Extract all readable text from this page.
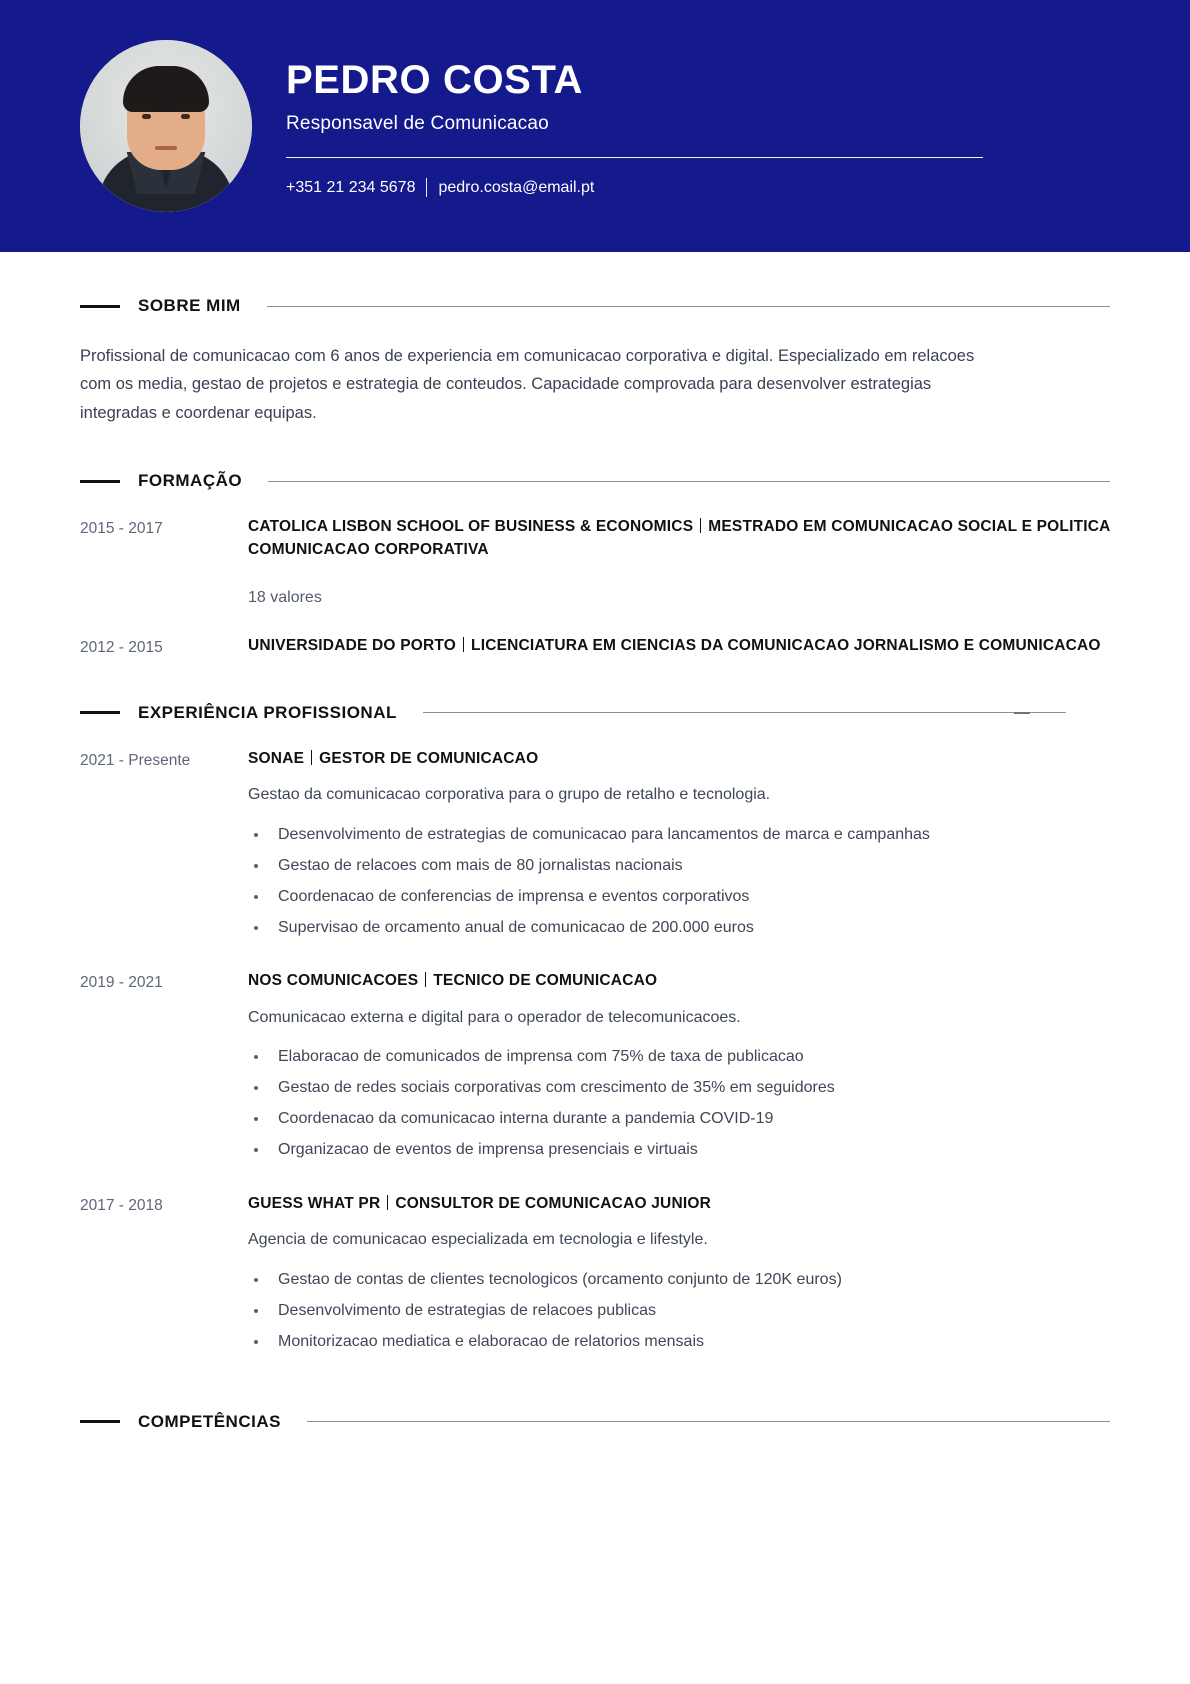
PEDRO COSTA
Responsavel de Comunicacao
+351 21 234 5678 pedro.costa@email.pt
SOBRE MIM

Profissional de comunicacao com 6 anos de experiencia em comunicacao corporativa e digital. Especializado em relacoes com os media, gestao de projetos e estrategia de conteudos. Capacidade comprovada para desenvolver estrategias integradas e coordenar equipas.

FORMAÇÃO
2015 - 2017	CATOLICA LISBON SCHOOL OF BUSINESS & ECONOMICS MESTRADO EM COMUNICACAO SOCIAL E POLITICA COMUNICACAO CORPORATIVA
18 valores
2012 - 2015	UNIVERSIDADE DO PORTO LICENCIATURA EM CIENCIAS DA COMUNICACAO JORNALISMO E COMUNICACAO
EXPERIÊNCIA PROFISSIONAL
2021 - Presente	SONAE GESTOR DE COMUNICACAO
Gestao da comunicacao corporativa para o grupo de retalho e tecnologia.
Desenvolvimento de estrategias de comunicacao para lancamentos de marca e campanhas
Gestao de relacoes com mais de 80 jornalistas nacionais
Coordenacao de conferencias de imprensa e eventos corporativos
Supervisao de orcamento anual de comunicacao de 200.000 euros
2019 - 2021	NOS COMUNICACOES TECNICO DE COMUNICACAO
Comunicacao externa e digital para o operador de telecomunicacoes.
Elaboracao de comunicados de imprensa com 75% de taxa de publicacao
Gestao de redes sociais corporativas com crescimento de 35% em seguidores
Coordenacao da comunicacao interna durante a pandemia COVID-19
Organizacao de eventos de imprensa presenciais e virtuais
2017 - 2018	GUESS WHAT PR CONSULTOR DE COMUNICACAO JUNIOR
Agencia de comunicacao especializada em tecnologia e lifestyle.
Gestao de contas de clientes tecnologicos (orcamento conjunto de 120K euros)
Desenvolvimento de estrategias de relacoes publicas
Monitorizacao mediatica e elaboracao de relatorios mensais
COMPETÊNCIAS
